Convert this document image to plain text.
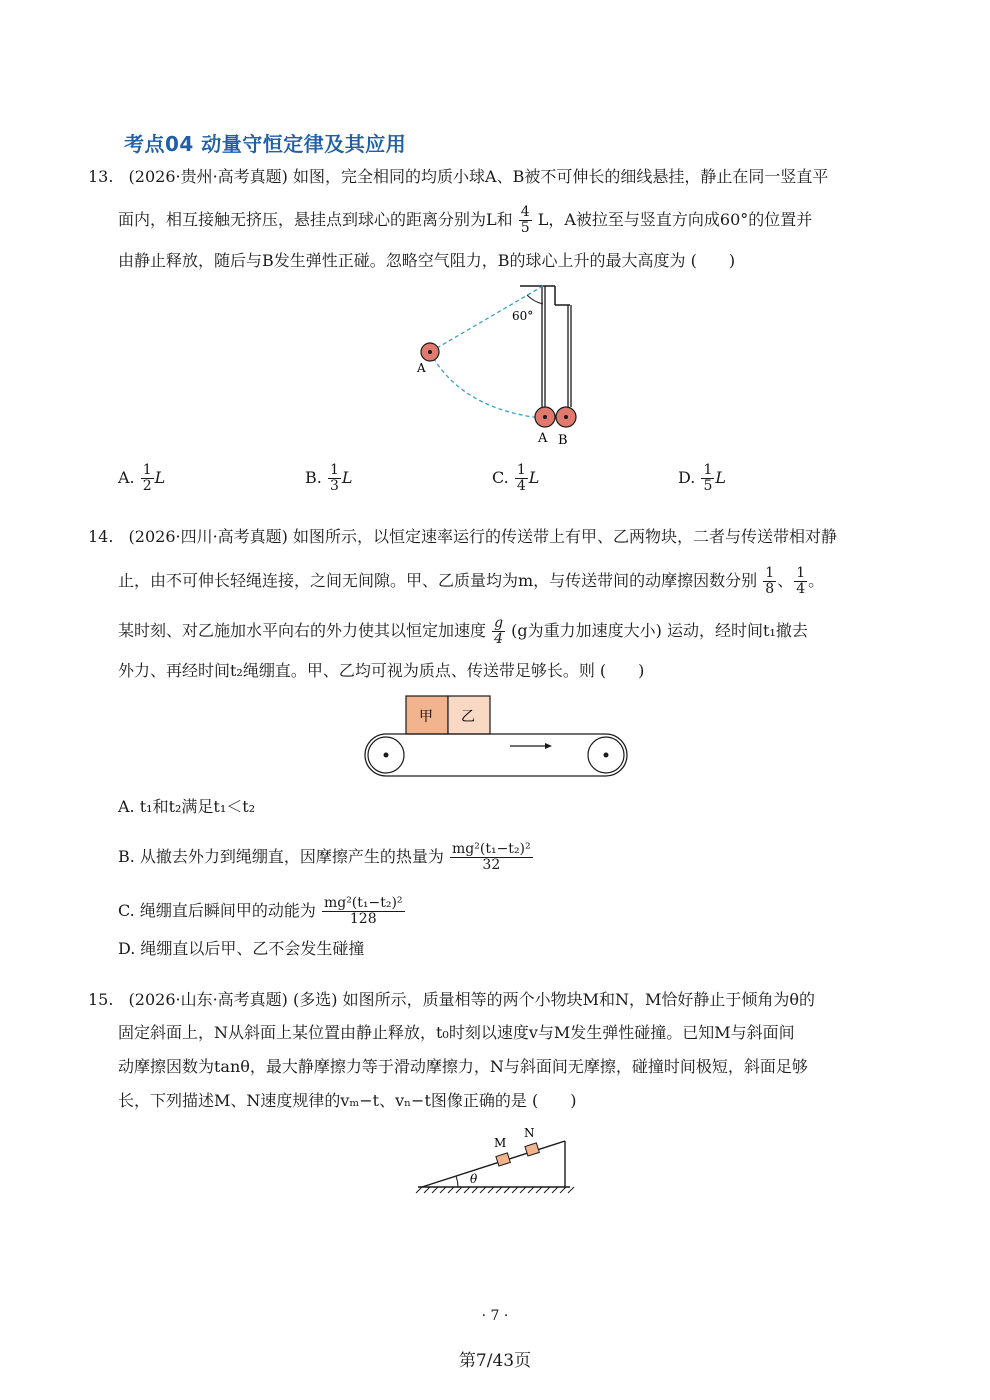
考点04 动量守恒定律及其应用
13. (2026·贵州·高考真题) 如图，完全相同的均质小球A、B被不可伸长的细线悬挂，静止在同一竖直平
面内，相互接触无挤压，悬挂点到球心的距离分别为L和 $\frac{4}{5}$ L，A被拉至与竖直方向成60°的位置并
由静止释放，随后与B发生弹性正碰。忽略空气阻力，B的球心上升的最大高度为 (　　)
60°
A
A B
A. $\frac{1}{2}$ L	B. $\frac{1}{3}$ L	C. $\frac{1}{4}$ L	D. $\frac{1}{5}$ L
14. (2026·四川·高考真题) 如图所示，以恒定速率运行的传送带上有甲、乙两物块，二者与传送带相对静
止，由不可伸长轻绳连接，之间无间隙。甲、乙质量均为m，与传送带间的动摩擦因数分别 $\frac{1}{8}$ 、 $\frac{1}{4}$ 。
某时刻、对乙施加水平向右的外力使其以恒定加速度 $\frac{g}{4} (g$为重力加速度大小) 运动，经时间t₁撤去
外力、再经时间t₂绳绷直。甲、乙均可视为质点、传送带足够长。则 (　　)
甲 乙
A. t₁和t₂满足t₁＜t₂
B. 从撤去外力到绳绷直，因摩擦产生的热量为 $\frac{\text{mg²(t₁−t₂)²}}{32}$
C. 绳绷直后瞬间甲的动能为 $\frac{\text{mg²(t₁−t₂)²}}{128}$
D. 绳绷直以后甲、乙不会发生碰撞
15. (2026·山东·高考真题) (多选) 如图所示，质量相等的两个小物块M和N，M恰好静止于倾角为θ的
固定斜面上，N从斜面上某位置由静止释放，t₀时刻以速度v与M发生弹性碰撞。已知M与斜面间
动摩擦因数为tanθ，最大静摩擦力等于滑动摩擦力，N与斜面间无摩擦，碰撞时间极短，斜面足够
长，下列描述M、N速度规律的vₘ−t、vₙ−t图像正确的是 (　　)
θ
M
N
· 7 ·
第7/43页
